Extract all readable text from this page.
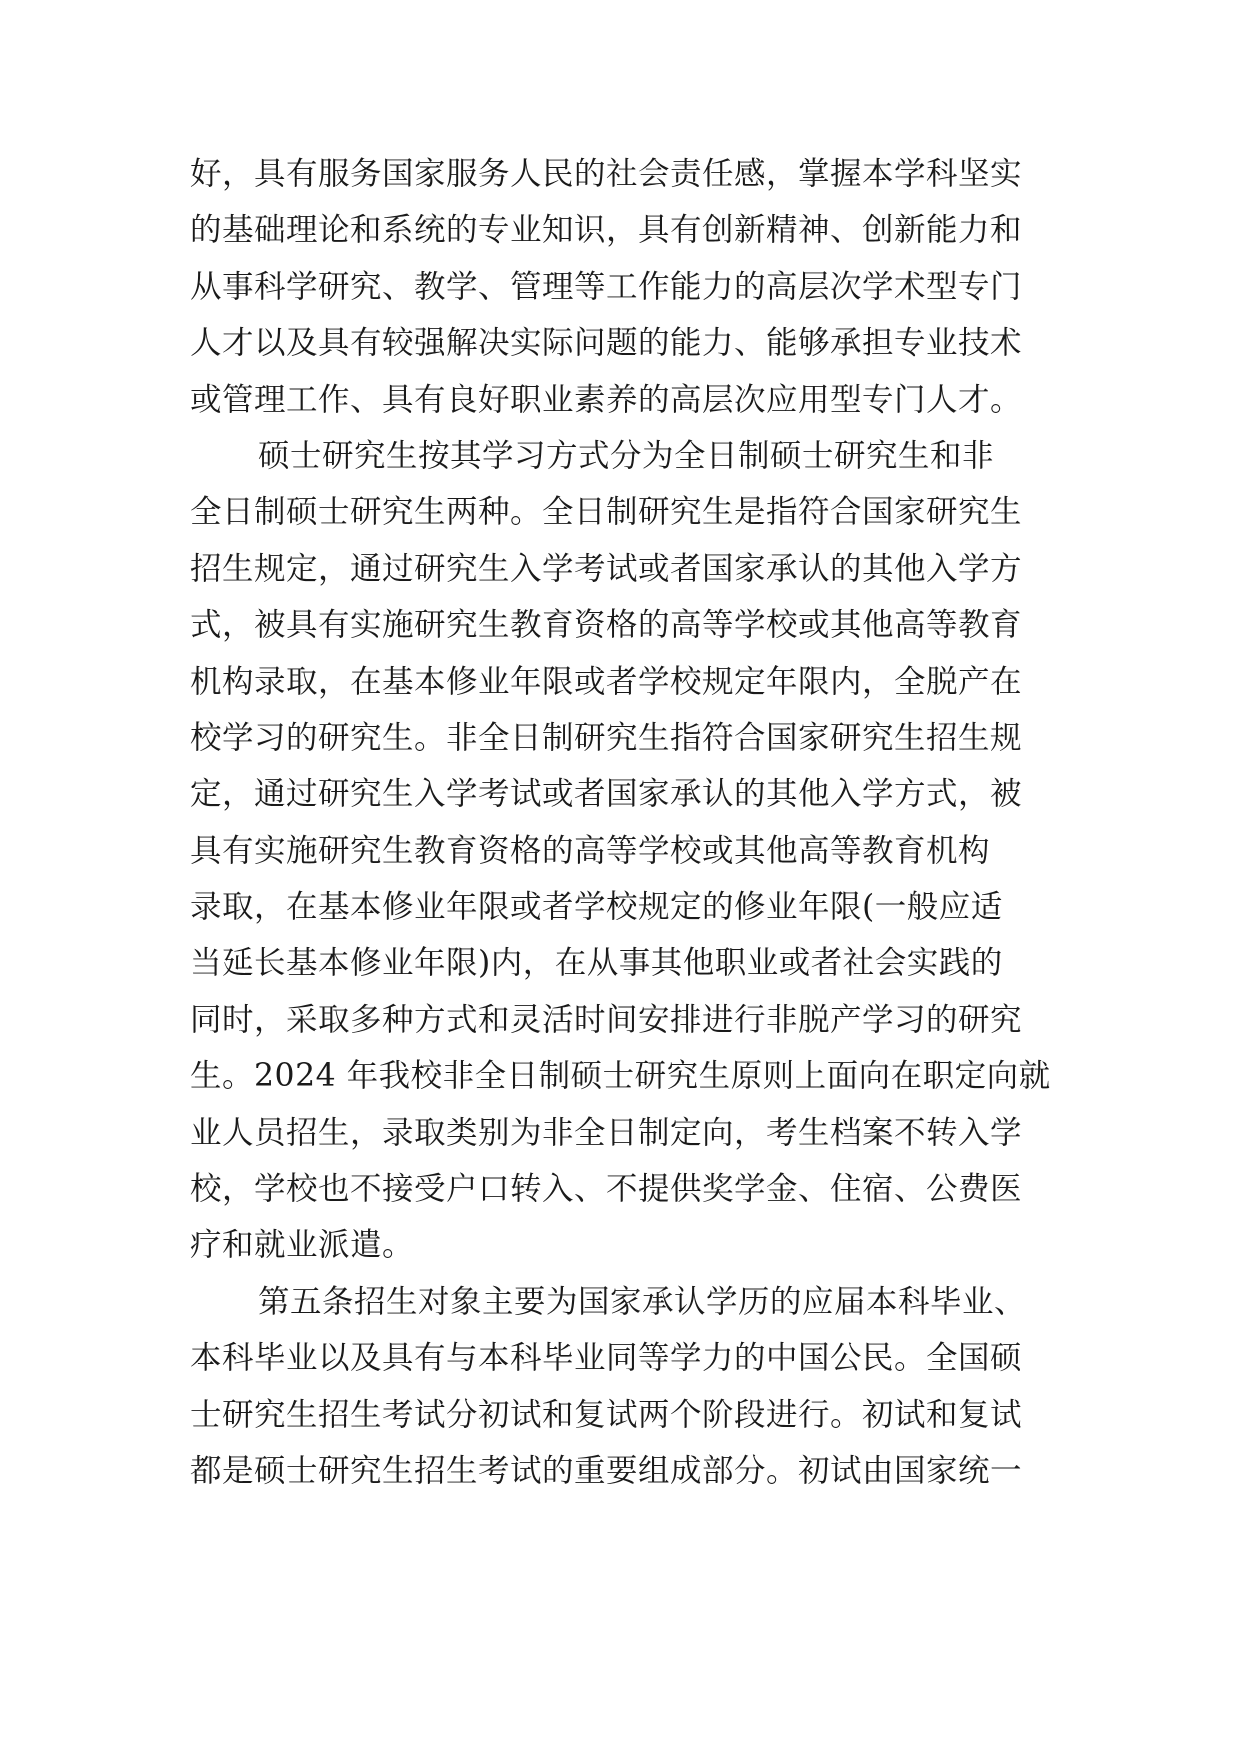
好，具有服务国家服务人民的社会责任感，掌握本学科坚实
的基础理论和系统的专业知识，具有创新精神、创新能力和
从事科学研究、教学、管理等工作能力的高层次学术型专门
人才以及具有较强解决实际问题的能力、能够承担专业技术
或管理工作、具有良好职业素养的高层次应用型专门人才。
硕士研究生按其学习方式分为全日制硕士研究生和非
全日制硕士研究生两种。全日制研究生是指符合国家研究生
招生规定，通过研究生入学考试或者国家承认的其他入学方
式，被具有实施研究生教育资格的高等学校或其他高等教育
机构录取，在基本修业年限或者学校规定年限内，全脱产在
校学习的研究生。非全日制研究生指符合国家研究生招生规
定，通过研究生入学考试或者国家承认的其他入学方式，被
具有实施研究生教育资格的高等学校或其他高等教育机构
录取，在基本修业年限或者学校规定的修业年限(一般应适
当延长基本修业年限)内，在从事其他职业或者社会实践的
同时，采取多种方式和灵活时间安排进行非脱产学习的研究
生。2024 年我校非全日制硕士研究生原则上面向在职定向就
业人员招生，录取类别为非全日制定向，考生档案不转入学
校，学校也不接受户口转入、不提供奖学金、住宿、公费医
疗和就业派遣。
第五条招生对象主要为国家承认学历的应届本科毕业、
本科毕业以及具有与本科毕业同等学力的中国公民。全国硕
士研究生招生考试分初试和复试两个阶段进行。初试和复试
都是硕士研究生招生考试的重要组成部分。初试由国家统一
